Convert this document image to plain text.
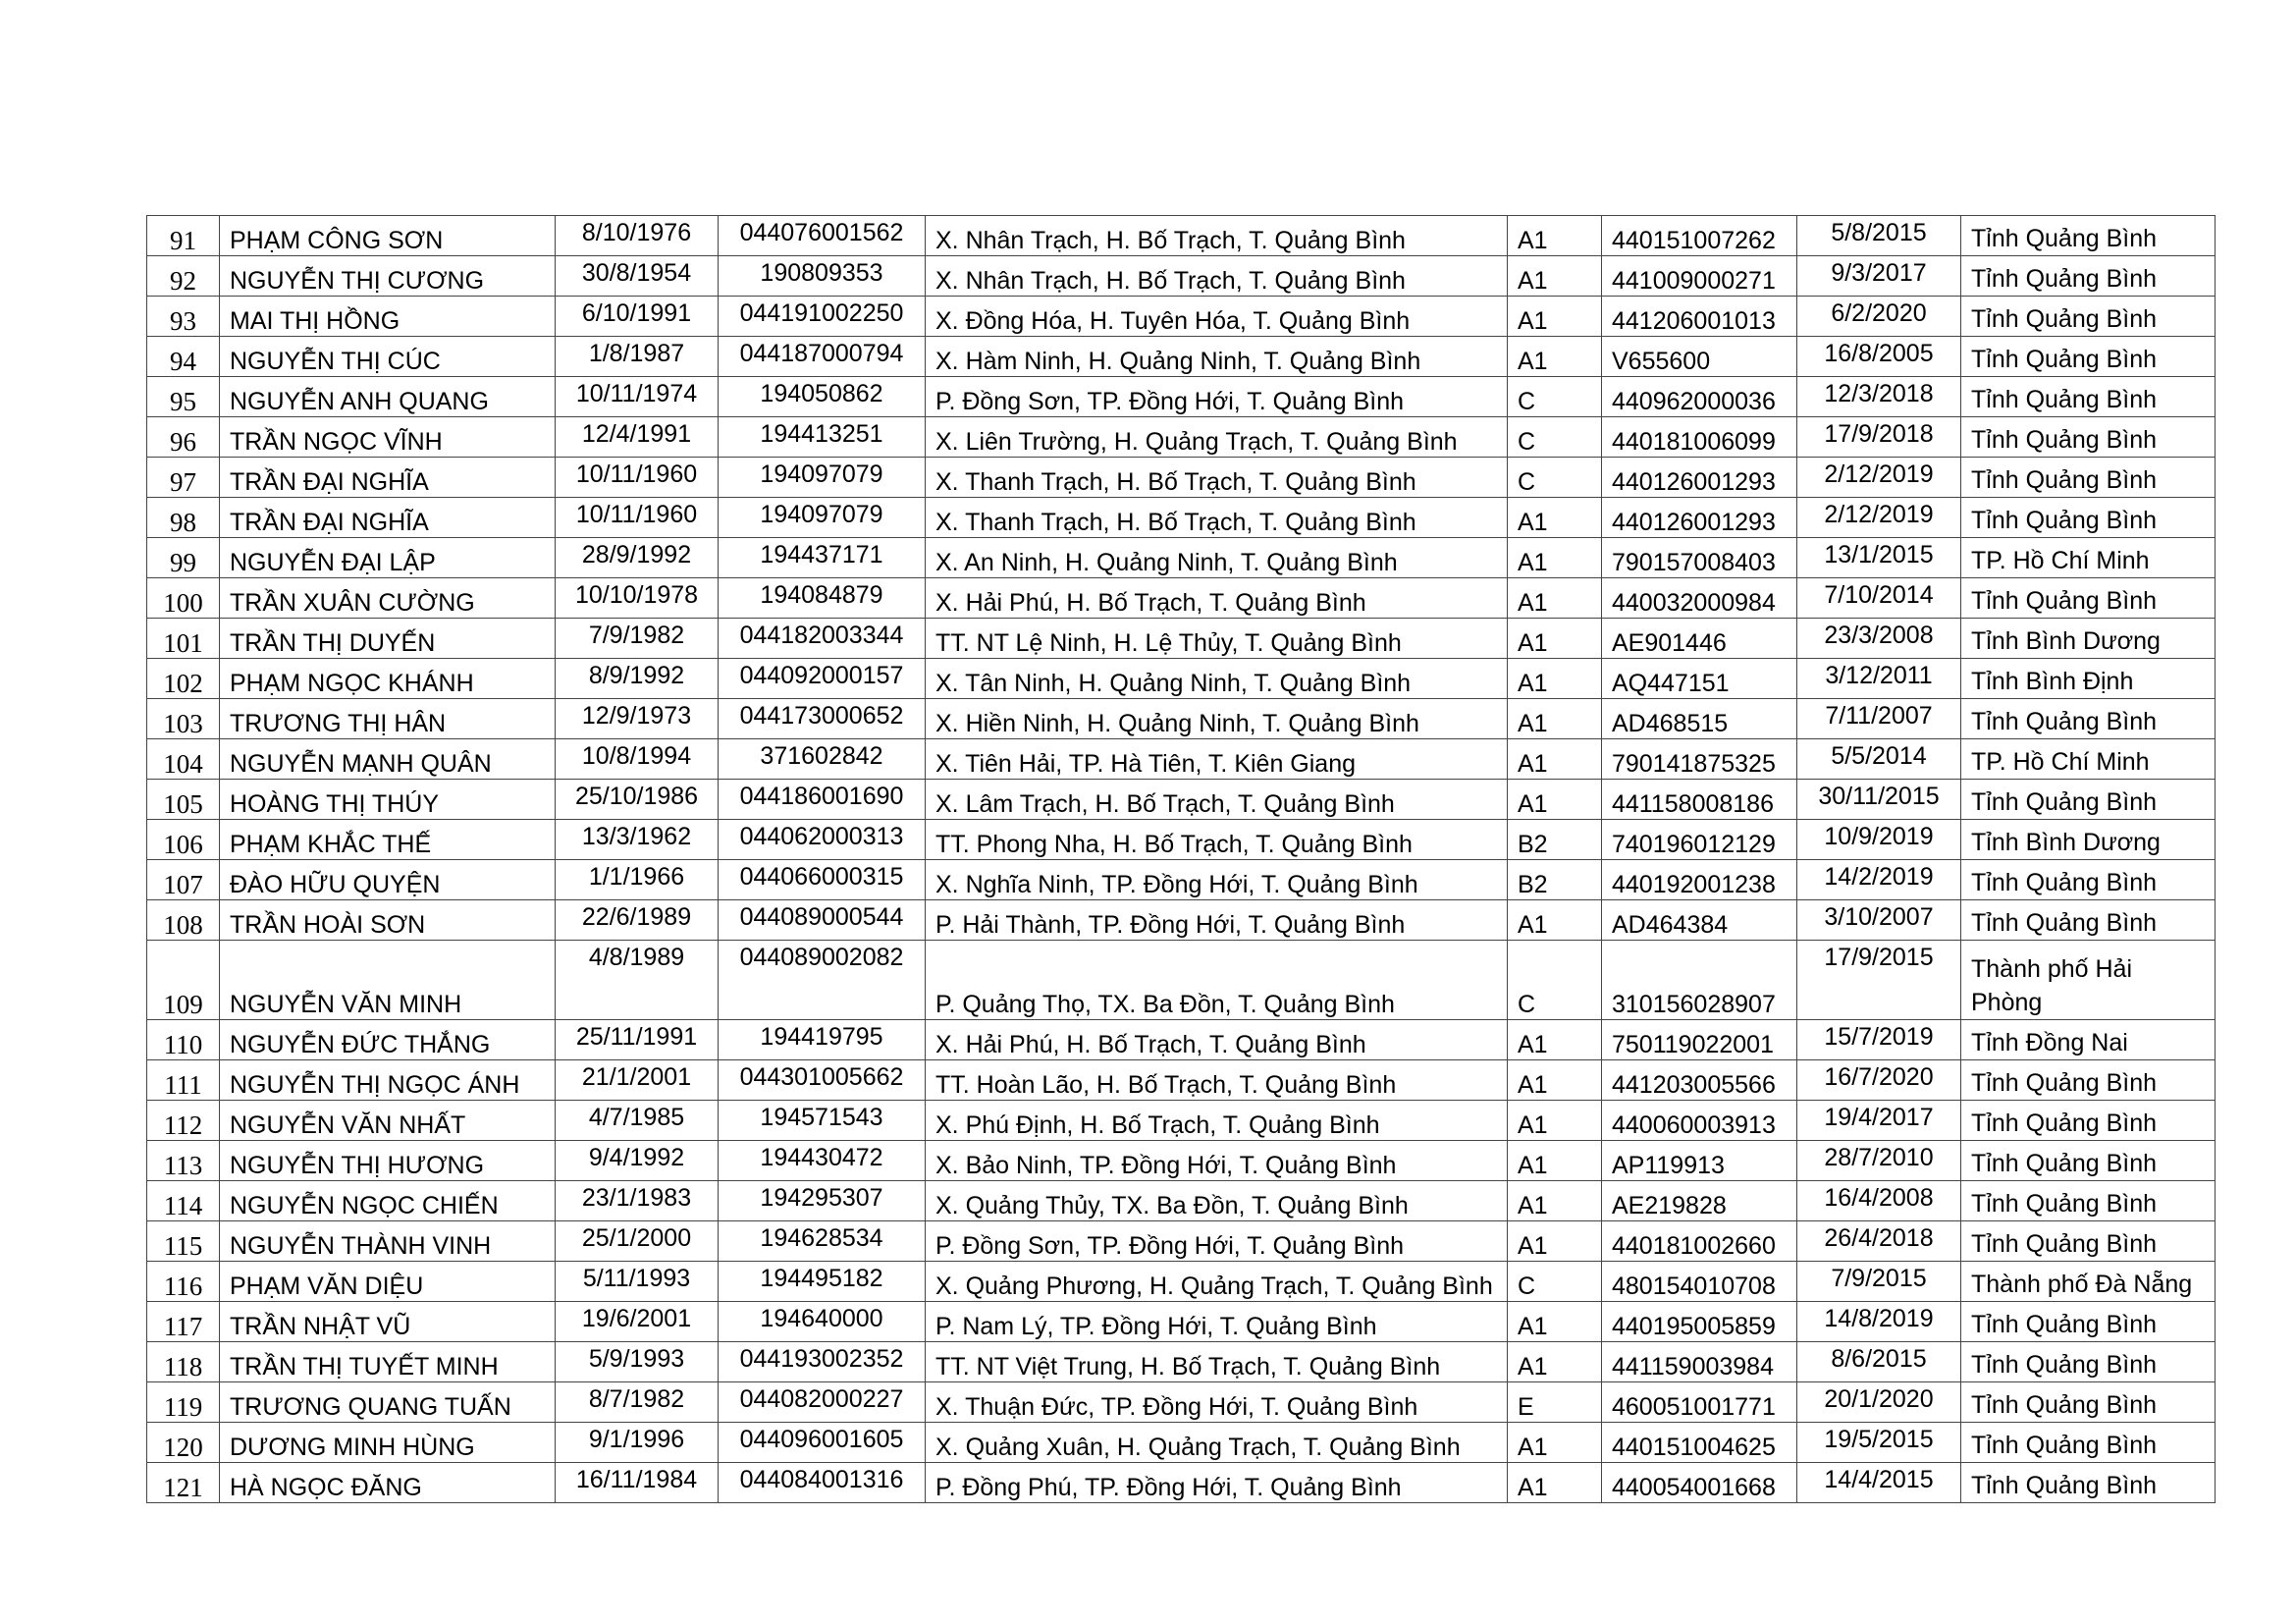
91	PHẠM CÔNG SƠN	8/10/1976	044076001562	X. Nhân Trạch, H. Bố Trạch, T. Quảng Bình	A1	440151007262	5/8/2015	Tỉnh Quảng Bình
92	NGUYỄN THỊ CƯƠNG	30/8/1954	190809353	X. Nhân Trạch, H. Bố Trạch, T. Quảng Bình	A1	441009000271	9/3/2017	Tỉnh Quảng Bình
93	MAI THỊ HỒNG	6/10/1991	044191002250	X. Đồng Hóa, H. Tuyên Hóa, T. Quảng Bình	A1	441206001013	6/2/2020	Tỉnh Quảng Bình
94	NGUYỄN THỊ CÚC	1/8/1987	044187000794	X. Hàm Ninh, H. Quảng Ninh, T. Quảng Bình	A1	V655600	16/8/2005	Tỉnh Quảng Bình
95	NGUYỄN ANH QUANG	10/11/1974	194050862	P. Đồng Sơn, TP. Đồng Hới, T. Quảng Bình	C	440962000036	12/3/2018	Tỉnh Quảng Bình
96	TRẦN NGỌC VĨNH	12/4/1991	194413251	X. Liên Trường, H. Quảng Trạch, T. Quảng Bình	C	440181006099	17/9/2018	Tỉnh Quảng Bình
97	TRẦN ĐẠI NGHĨA	10/11/1960	194097079	X. Thanh Trạch, H. Bố Trạch, T. Quảng Bình	C	440126001293	2/12/2019	Tỉnh Quảng Bình
98	TRẦN ĐẠI NGHĨA	10/11/1960	194097079	X. Thanh Trạch, H. Bố Trạch, T. Quảng Bình	A1	440126001293	2/12/2019	Tỉnh Quảng Bình
99	NGUYỄN ĐẠI LẬP	28/9/1992	194437171	X. An Ninh, H. Quảng Ninh, T. Quảng Bình	A1	790157008403	13/1/2015	TP. Hồ Chí Minh
100	TRẦN XUÂN CƯỜNG	10/10/1978	194084879	X. Hải Phú, H. Bố Trạch, T. Quảng Bình	A1	440032000984	7/10/2014	Tỉnh Quảng Bình
101	TRẦN THỊ DUYẾN	7/9/1982	044182003344	TT. NT Lệ Ninh, H. Lệ Thủy, T. Quảng Bình	A1	AE901446	23/3/2008	Tỉnh Bình Dương
102	PHẠM NGỌC KHÁNH	8/9/1992	044092000157	X. Tân Ninh, H. Quảng Ninh, T. Quảng Bình	A1	AQ447151	3/12/2011	Tỉnh Bình Định
103	TRƯƠNG THỊ HÂN	12/9/1973	044173000652	X. Hiền Ninh, H. Quảng Ninh, T. Quảng Bình	A1	AD468515	7/11/2007	Tỉnh Quảng Bình
104	NGUYỄN MẠNH QUÂN	10/8/1994	371602842	X. Tiên Hải, TP. Hà Tiên, T. Kiên Giang	A1	790141875325	5/5/2014	TP. Hồ Chí Minh
105	HOÀNG THỊ THÚY	25/10/1986	044186001690	X. Lâm Trạch, H. Bố Trạch, T. Quảng Bình	A1	441158008186	30/11/2015	Tỉnh Quảng Bình
106	PHẠM KHẮC THẾ	13/3/1962	044062000313	TT. Phong Nha, H. Bố Trạch, T. Quảng Bình	B2	740196012129	10/9/2019	Tỉnh Bình Dương
107	ĐÀO HỮU QUYỆN	1/1/1966	044066000315	X. Nghĩa Ninh, TP. Đồng Hới, T. Quảng Bình	B2	440192001238	14/2/2019	Tỉnh Quảng Bình
108	TRẦN HOÀI SƠN	22/6/1989	044089000544	P. Hải Thành, TP. Đồng Hới, T. Quảng Bình	A1	AD464384	3/10/2007	Tỉnh Quảng Bình
109	NGUYỄN VĂN MINH	4/8/1989	044089002082	P. Quảng Thọ, TX. Ba Đồn, T. Quảng Bình	C	310156028907	17/9/2015	Thành phố Hải Phòng
110	NGUYỄN ĐỨC THẮNG	25/11/1991	194419795	X. Hải Phú, H. Bố Trạch, T. Quảng Bình	A1	750119022001	15/7/2019	Tỉnh Đồng Nai
111	NGUYỄN THỊ NGỌC ÁNH	21/1/2001	044301005662	TT. Hoàn Lão, H. Bố Trạch, T. Quảng Bình	A1	441203005566	16/7/2020	Tỉnh Quảng Bình
112	NGUYỄN VĂN NHẤT	4/7/1985	194571543	X. Phú Định, H. Bố Trạch, T. Quảng Bình	A1	440060003913	19/4/2017	Tỉnh Quảng Bình
113	NGUYỄN THỊ HƯƠNG	9/4/1992	194430472	X. Bảo Ninh, TP. Đồng Hới, T. Quảng Bình	A1	AP119913	28/7/2010	Tỉnh Quảng Bình
114	NGUYỄN NGỌC CHIẾN	23/1/1983	194295307	X. Quảng Thủy, TX. Ba Đồn, T. Quảng Bình	A1	AE219828	16/4/2008	Tỉnh Quảng Bình
115	NGUYỄN THÀNH VINH	25/1/2000	194628534	P. Đồng Sơn, TP. Đồng Hới, T. Quảng Bình	A1	440181002660	26/4/2018	Tỉnh Quảng Bình
116	PHẠM VĂN DIỆU	5/11/1993	194495182	X. Quảng Phương, H. Quảng Trạch, T. Quảng Bình	C	480154010708	7/9/2015	Thành phố Đà Nẵng
117	TRẦN NHẬT VŨ	19/6/2001	194640000	P. Nam Lý, TP. Đồng Hới, T. Quảng Bình	A1	440195005859	14/8/2019	Tỉnh Quảng Bình
118	TRẦN THỊ TUYẾT MINH	5/9/1993	044193002352	TT. NT Việt Trung, H. Bố Trạch, T. Quảng Bình	A1	441159003984	8/6/2015	Tỉnh Quảng Bình
119	TRƯƠNG QUANG TUẤN	8/7/1982	044082000227	X. Thuận Đức, TP. Đồng Hới, T. Quảng Bình	E	460051001771	20/1/2020	Tỉnh Quảng Bình
120	DƯƠNG MINH HÙNG	9/1/1996	044096001605	X. Quảng Xuân, H. Quảng Trạch, T. Quảng Bình	A1	440151004625	19/5/2015	Tỉnh Quảng Bình
121	HÀ NGỌC ĐĂNG	16/11/1984	044084001316	P. Đồng Phú, TP. Đồng Hới, T. Quảng Bình	A1	440054001668	14/4/2015	Tỉnh Quảng Bình
